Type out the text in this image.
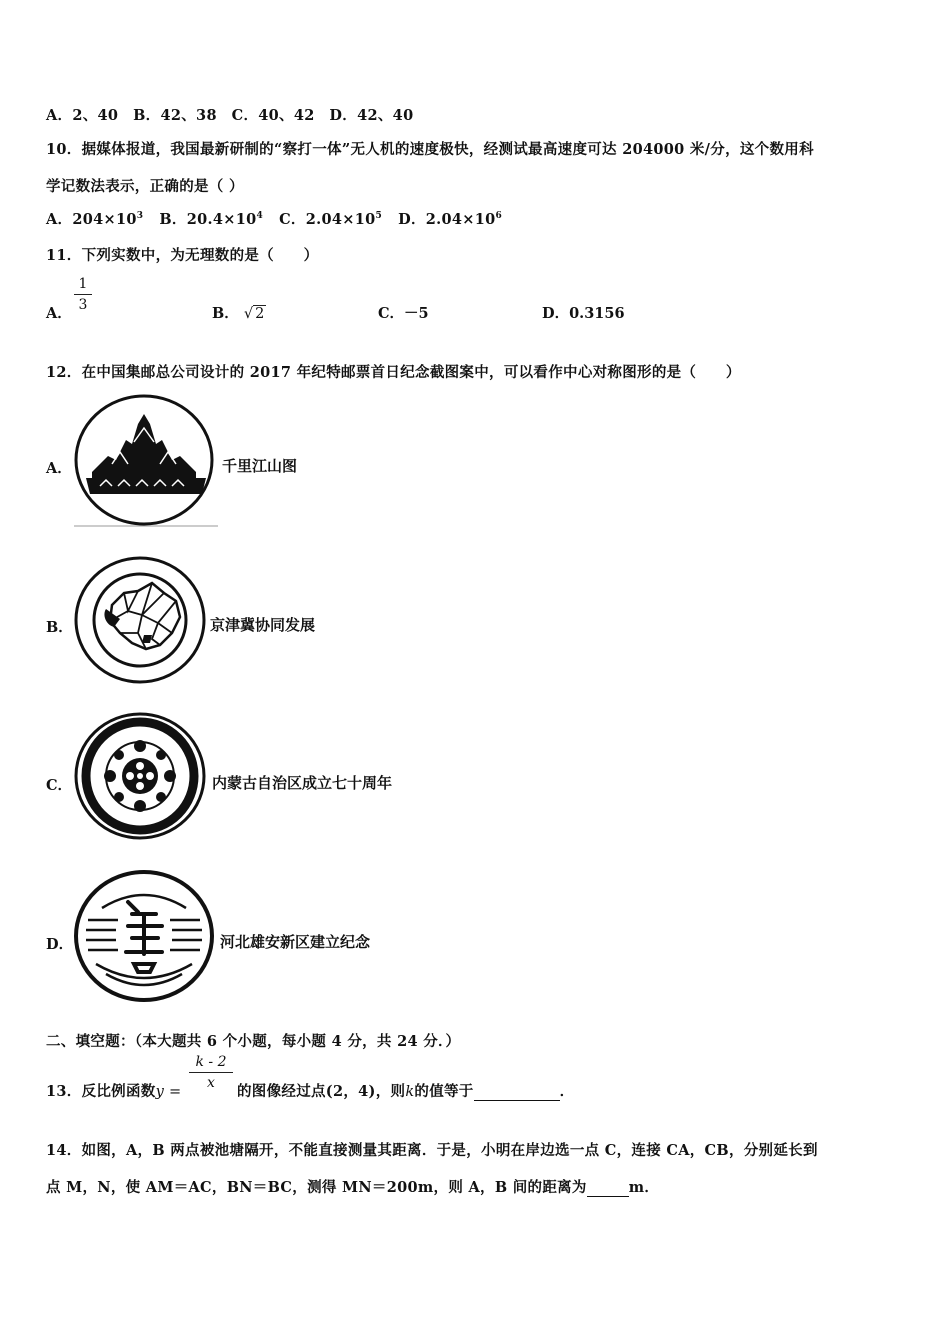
A．2、40　B．42、38　C．40、42　D．42、40
10．据媒体报道，我国最新研制的“察打一体”无人机的速度极快，经测试最高速度可达 204000 米/分，这个数用科
学记数法表示，正确的是（ ）
A．$204\times 10^3$ B．$20.4\times 10^4$ C．$2.04\times 10^5$ D．$2.04\times 10^6$
11．下列实数中，为无理数的是（　　）
A．
1
3	B． √ 2	C．－5	D．0.3156
12．在中国集邮总公司设计的 2017 年纪特邮票首日纪念截图案中，可以看作中心对称图形的是（　　）
A．	千里江山图
B．	京津冀协同发展
C．	内蒙古自治区成立七十周年
D．	河北雄安新区建立纪念
二、填空题：（本大题共 6 个小题，每小题 4 分，共 24 分．）
13．反比例函数y =
k - 2
x	的图像经过点(2，4)，则k的值等于	．
14．如图，A，B 两点被池塘隔开，不能直接测量其距离．于是，小明在岸边选一点 C，连接 CA，CB，分别延长到
点 M，N，使 AM＝AC，BN＝BC，测得 MN＝200m，则 A，B 间的距离为	m．
